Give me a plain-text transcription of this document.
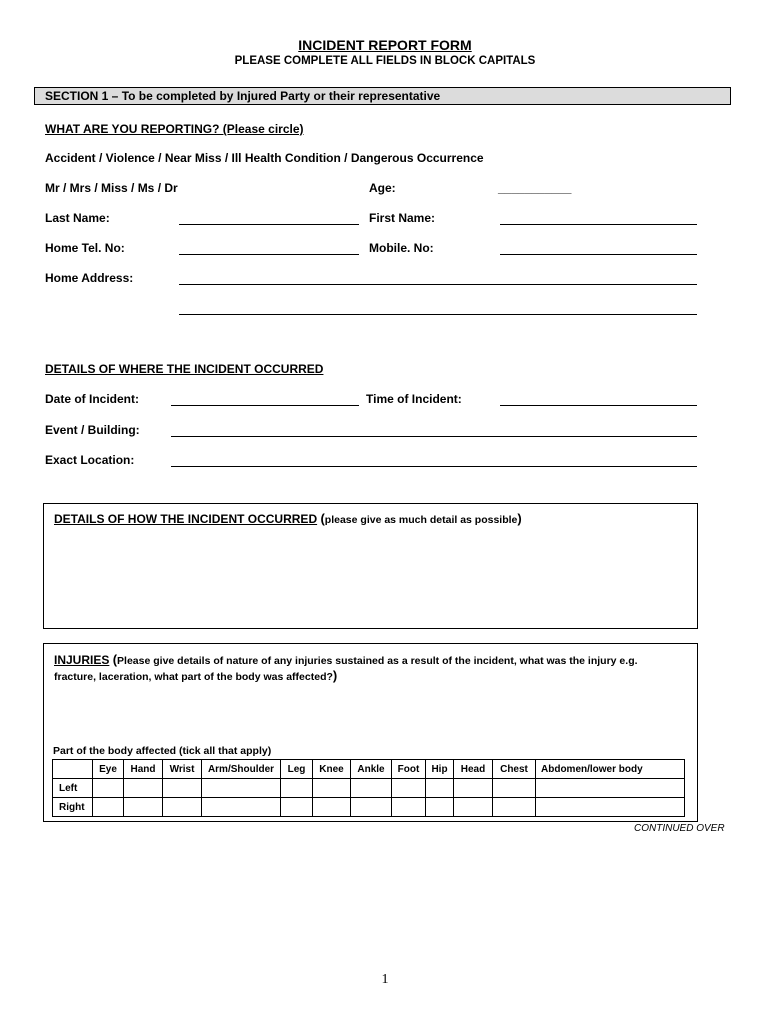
INCIDENT REPORT FORM
PLEASE COMPLETE ALL FIELDS IN BLOCK CAPITALS
SECTION 1 – To be completed by Injured Party or their representative
WHAT ARE YOU REPORTING? (Please circle)
Accident / Violence / Near Miss / Ill Health Condition / Dangerous Occurrence
Mr / Mrs / Miss / Ms / Dr	Age:	___________
Last Name:	First Name:
Home Tel. No:	Mobile. No:
Home Address:
DETAILS OF WHERE THE INCIDENT OCCURRED
Date of Incident:	Time of Incident:
Event / Building:
Exact Location:
DETAILS OF HOW THE INCIDENT OCCURRED (please give as much detail as possible)
INJURIES (Please give details of nature of any injuries sustained as a result of the incident, what was the injury e.g.
fracture, laceration, what part of the body was affected?)
Part of the body affected (tick all that apply)
	Eye	Hand	Wrist	Arm/Shoulder	Leg	Knee	Ankle	Foot	Hip	Head	Chest	Abdomen/lower body
Left												
Right												
CONTINUED OVER
1
